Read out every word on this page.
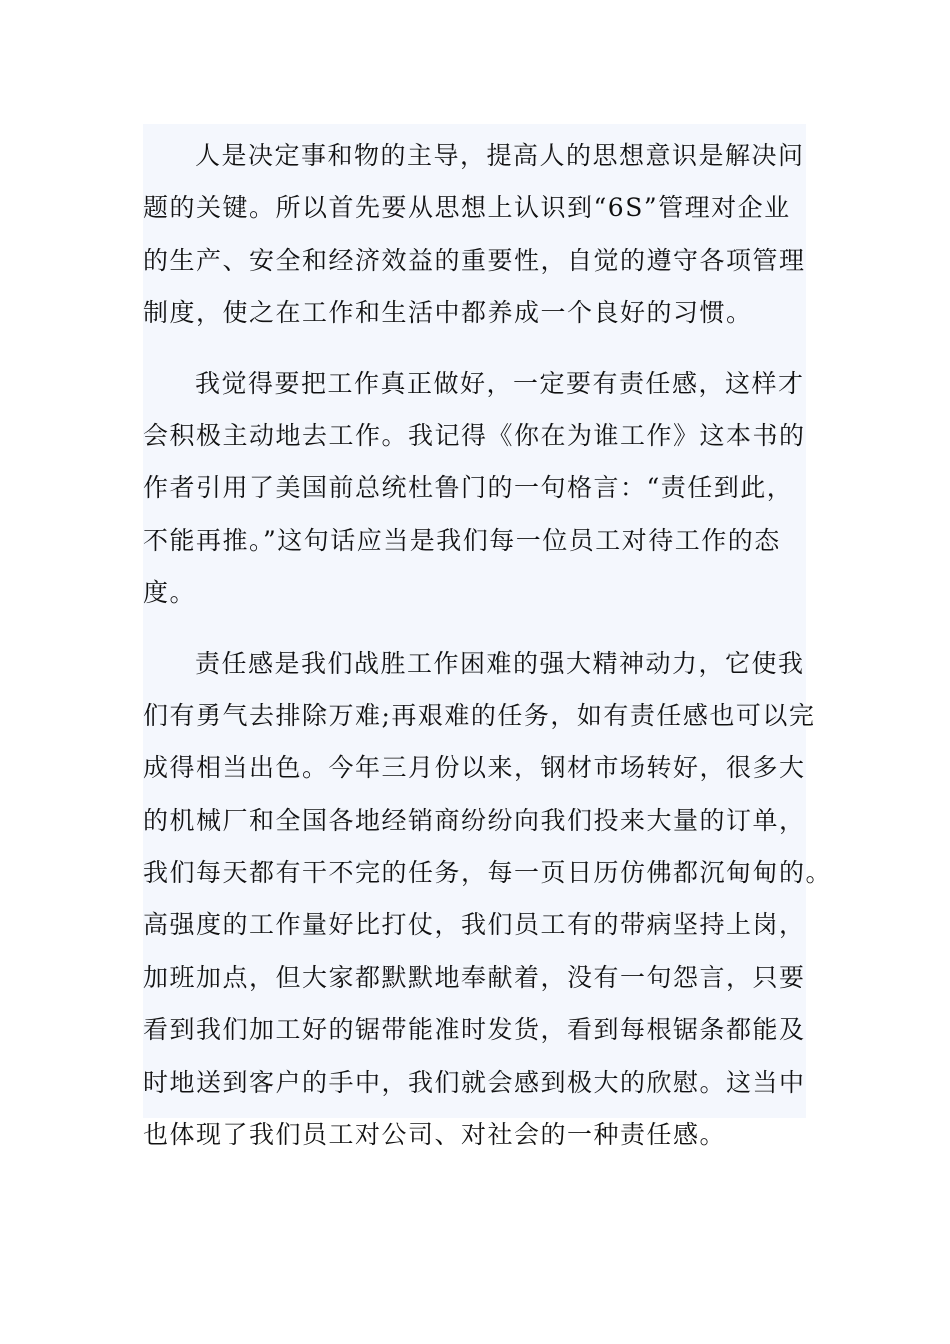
人是决定事和物的主导，提高人的思想意识是解决问
题的关键。所以首先要从思想上认识到“6S”管理对企业
的生产、安全和经济效益的重要性，自觉的遵守各项管理
制度，使之在工作和生活中都养成一个良好的习惯。
我觉得要把工作真正做好，一定要有责任感，这样才
会积极主动地去工作。我记得《你在为谁工作》这本书的
作者引用了美国前总统杜鲁门的一句格言：“责任到此，
不能再推。”这句话应当是我们每一位员工对待工作的态
度。
责任感是我们战胜工作困难的强大精神动力，它使我
们有勇气去排除万难;再艰难的任务，如有责任感也可以完
成得相当出色。今年三月份以来，钢材市场转好，很多大
的机械厂和全国各地经销商纷纷向我们投来大量的订单，
我们每天都有干不完的任务，每一页日历仿佛都沉甸甸的。
高强度的工作量好比打仗，我们员工有的带病坚持上岗，
加班加点，但大家都默默地奉献着，没有一句怨言，只要
看到我们加工好的锯带能准时发货，看到每根锯条都能及
时地送到客户的手中，我们就会感到极大的欣慰。这当中
也体现了我们员工对公司、对社会的一种责任感。
